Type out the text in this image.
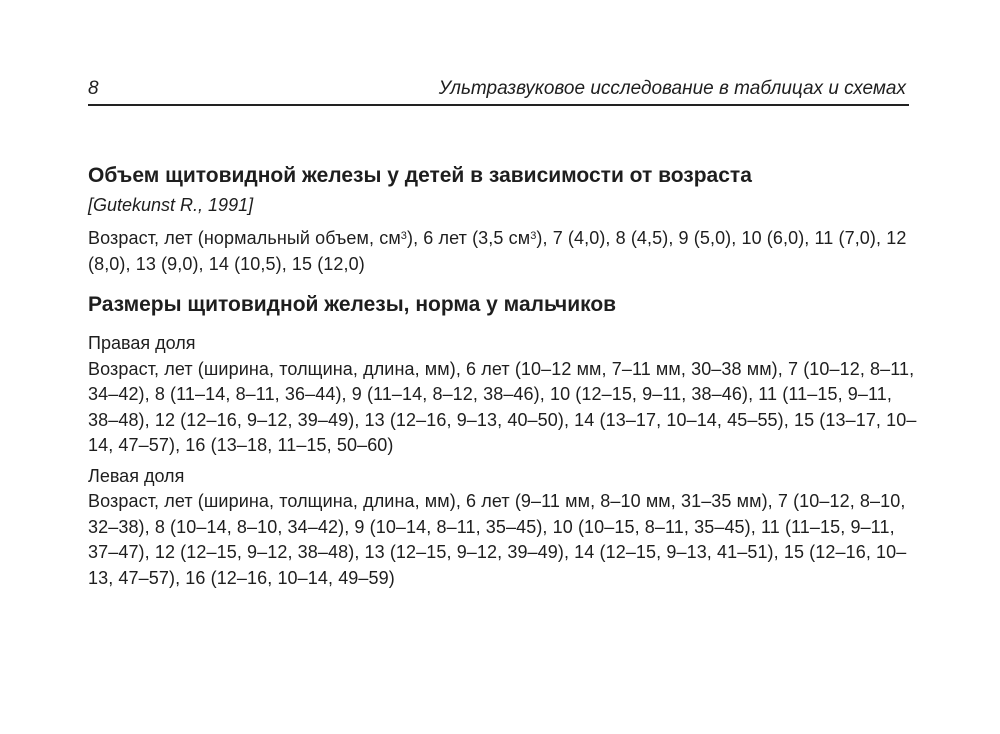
8	Ультразвуковое исследование в таблицах и схемах
Объем щитовидной железы у детей в зависимости от возраста
[Gutekunst R., 1991]

Возраст, лет (нормальный объем, $см^3$), 6 лет (3,5 $см^3$), 7 (4,0), 8 (4,5), 9 (5,0), 10 (6,0), 11 (7,0), 12 (8,0), 13 (9,0), 14 (10,5), 15 (12,0)

Размеры щитовидной железы, норма у мальчиков
Правая доля

Возраст, лет (ширина, толщина, длина, мм), 6 лет (10–12 мм, 7–11 мм, 30–38 мм), 7 (10–12, 8–11, 34–42), 8 (11–14, 8–11, 36–44), 9 (11–14, 8–12, 38–46), 10 (12–15, 9–11, 38–46), 11 (11–15, 9–11, 38–48), 12 (12–16, 9–12, 39–49), 13 (12–16, 9–13, 40–50), 14 (13–17, 10–14, 45–55), 15 (13–17, 10–14, 47–57), 16 (13–18, 11–15, 50–60)

Левая доля

Возраст, лет (ширина, толщина, длина, мм), 6 лет (9–11 мм, 8–10 мм, 31–35 мм), 7 (10–12, 8–10, 32–38), 8 (10–14, 8–10, 34–42), 9 (10–14, 8–11, 35–45), 10 (10–15, 8–11, 35–45), 11 (11–15, 9–11, 37–47), 12 (12–15, 9–12, 38–48), 13 (12–15, 9–12, 39–49), 14 (12–15, 9–13, 41–51), 15 (12–16, 10–13, 47–57), 16 (12–16, 10–14, 49–59)
